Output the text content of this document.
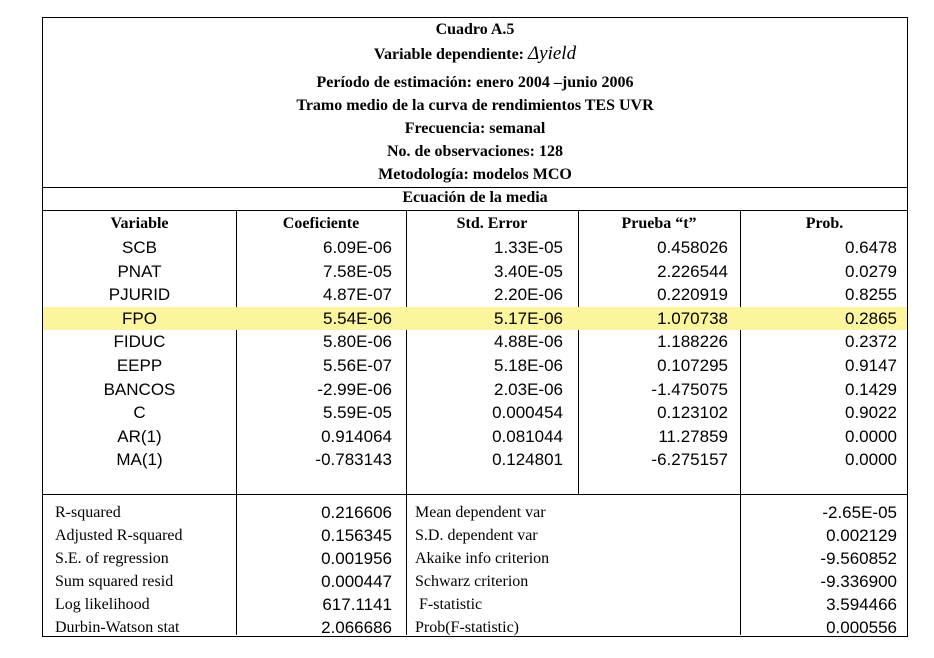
Cuadro A.5
Variable dependiente: Δyield
Período de estimación: enero 2004 –junio 2006
Tramo medio de la curva de rendimientos TES UVR
Frecuencia: semanal
No. de observaciones: 128
Metodología: modelos MCO
Ecuación de la media
Variable	Coeficiente	Std. Error	Prueba “t”	Prob.
SCB	6.09E-06	1.33E-05	0.458026	0.6478
PNAT	7.58E-05	3.40E-05	2.226544	0.0279
PJURID	4.87E-07	2.20E-06	0.220919	0.8255
FPO	5.54E-06	5.17E-06	1.070738	0.2865
FIDUC	5.80E-06	4.88E-06	1.188226	0.2372
EEPP	5.56E-07	5.18E-06	0.107295	0.9147
BANCOS	-2.99E-06	2.03E-06	-1.475075	0.1429
C	5.59E-05	0.000454	0.123102	0.9022
AR(1)	0.914064	0.081044	11.27859	0.0000
MA(1)	-0.783143	0.124801	-6.275157	0.0000
R-squared	0.216606 Mean dependent var	-2.65E-05
Adjusted R-squared	0.156345 S.D. dependent var	0.002129
S.E. of regression	0.001956 Akaike info criterion	-9.560852
Sum squared resid	0.000447 Schwarz criterion	-9.336900
Log likelihood	617.1141 F-statistic	3.594466
Durbin-Watson stat	2.066686 Prob(F-statistic)	0.000556
